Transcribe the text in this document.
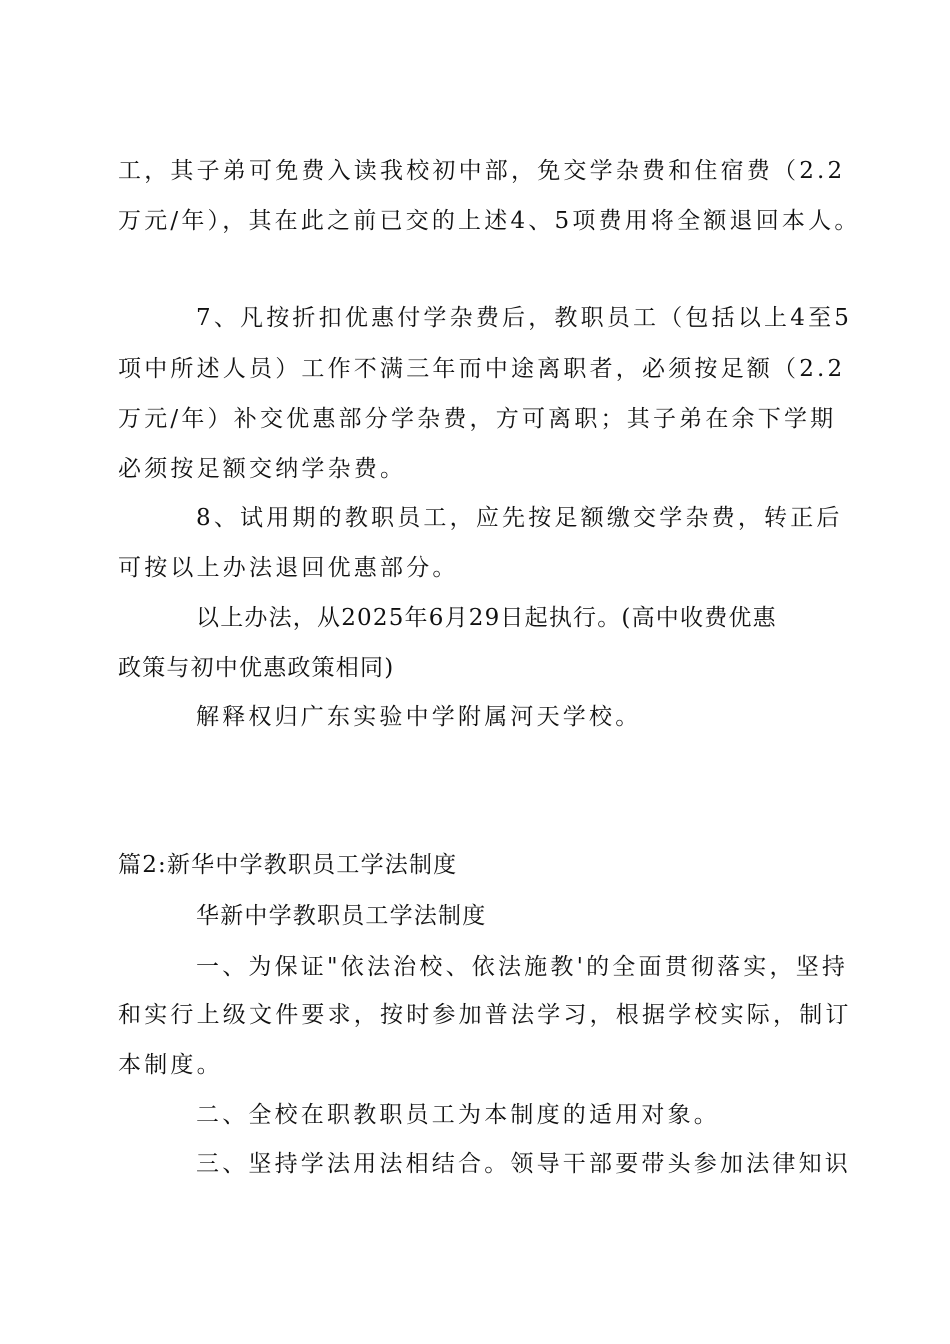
工，其子弟可免费入读我校初中部，免交学杂费和住宿费（2.2
万元/年），其在此之前已交的上述4、5项费用将全额退回本人。
7、凡按折扣优惠付学杂费后，教职员工（包括以上4至5
项中所述人员）工作不满三年而中途离职者，必须按足额（2.2
万元/年）补交优惠部分学杂费，方可离职；其子弟在余下学期
必须按足额交纳学杂费。
8、试用期的教职员工，应先按足额缴交学杂费，转正后
可按以上办法退回优惠部分。
以上办法，从2025年6月29日起执行。(高中收费优惠
政策与初中优惠政策相同)
解释权归广东实验中学附属河天学校。
篇2:新华中学教职员工学法制度
华新中学教职员工学法制度
一、为保证"依法治校、依法施教'的全面贯彻落实，坚持
和实行上级文件要求，按时参加普法学习，根据学校实际，制订
本制度。
二、全校在职教职员工为本制度的适用对象。
三、坚持学法用法相结合。领导干部要带头参加法律知识
